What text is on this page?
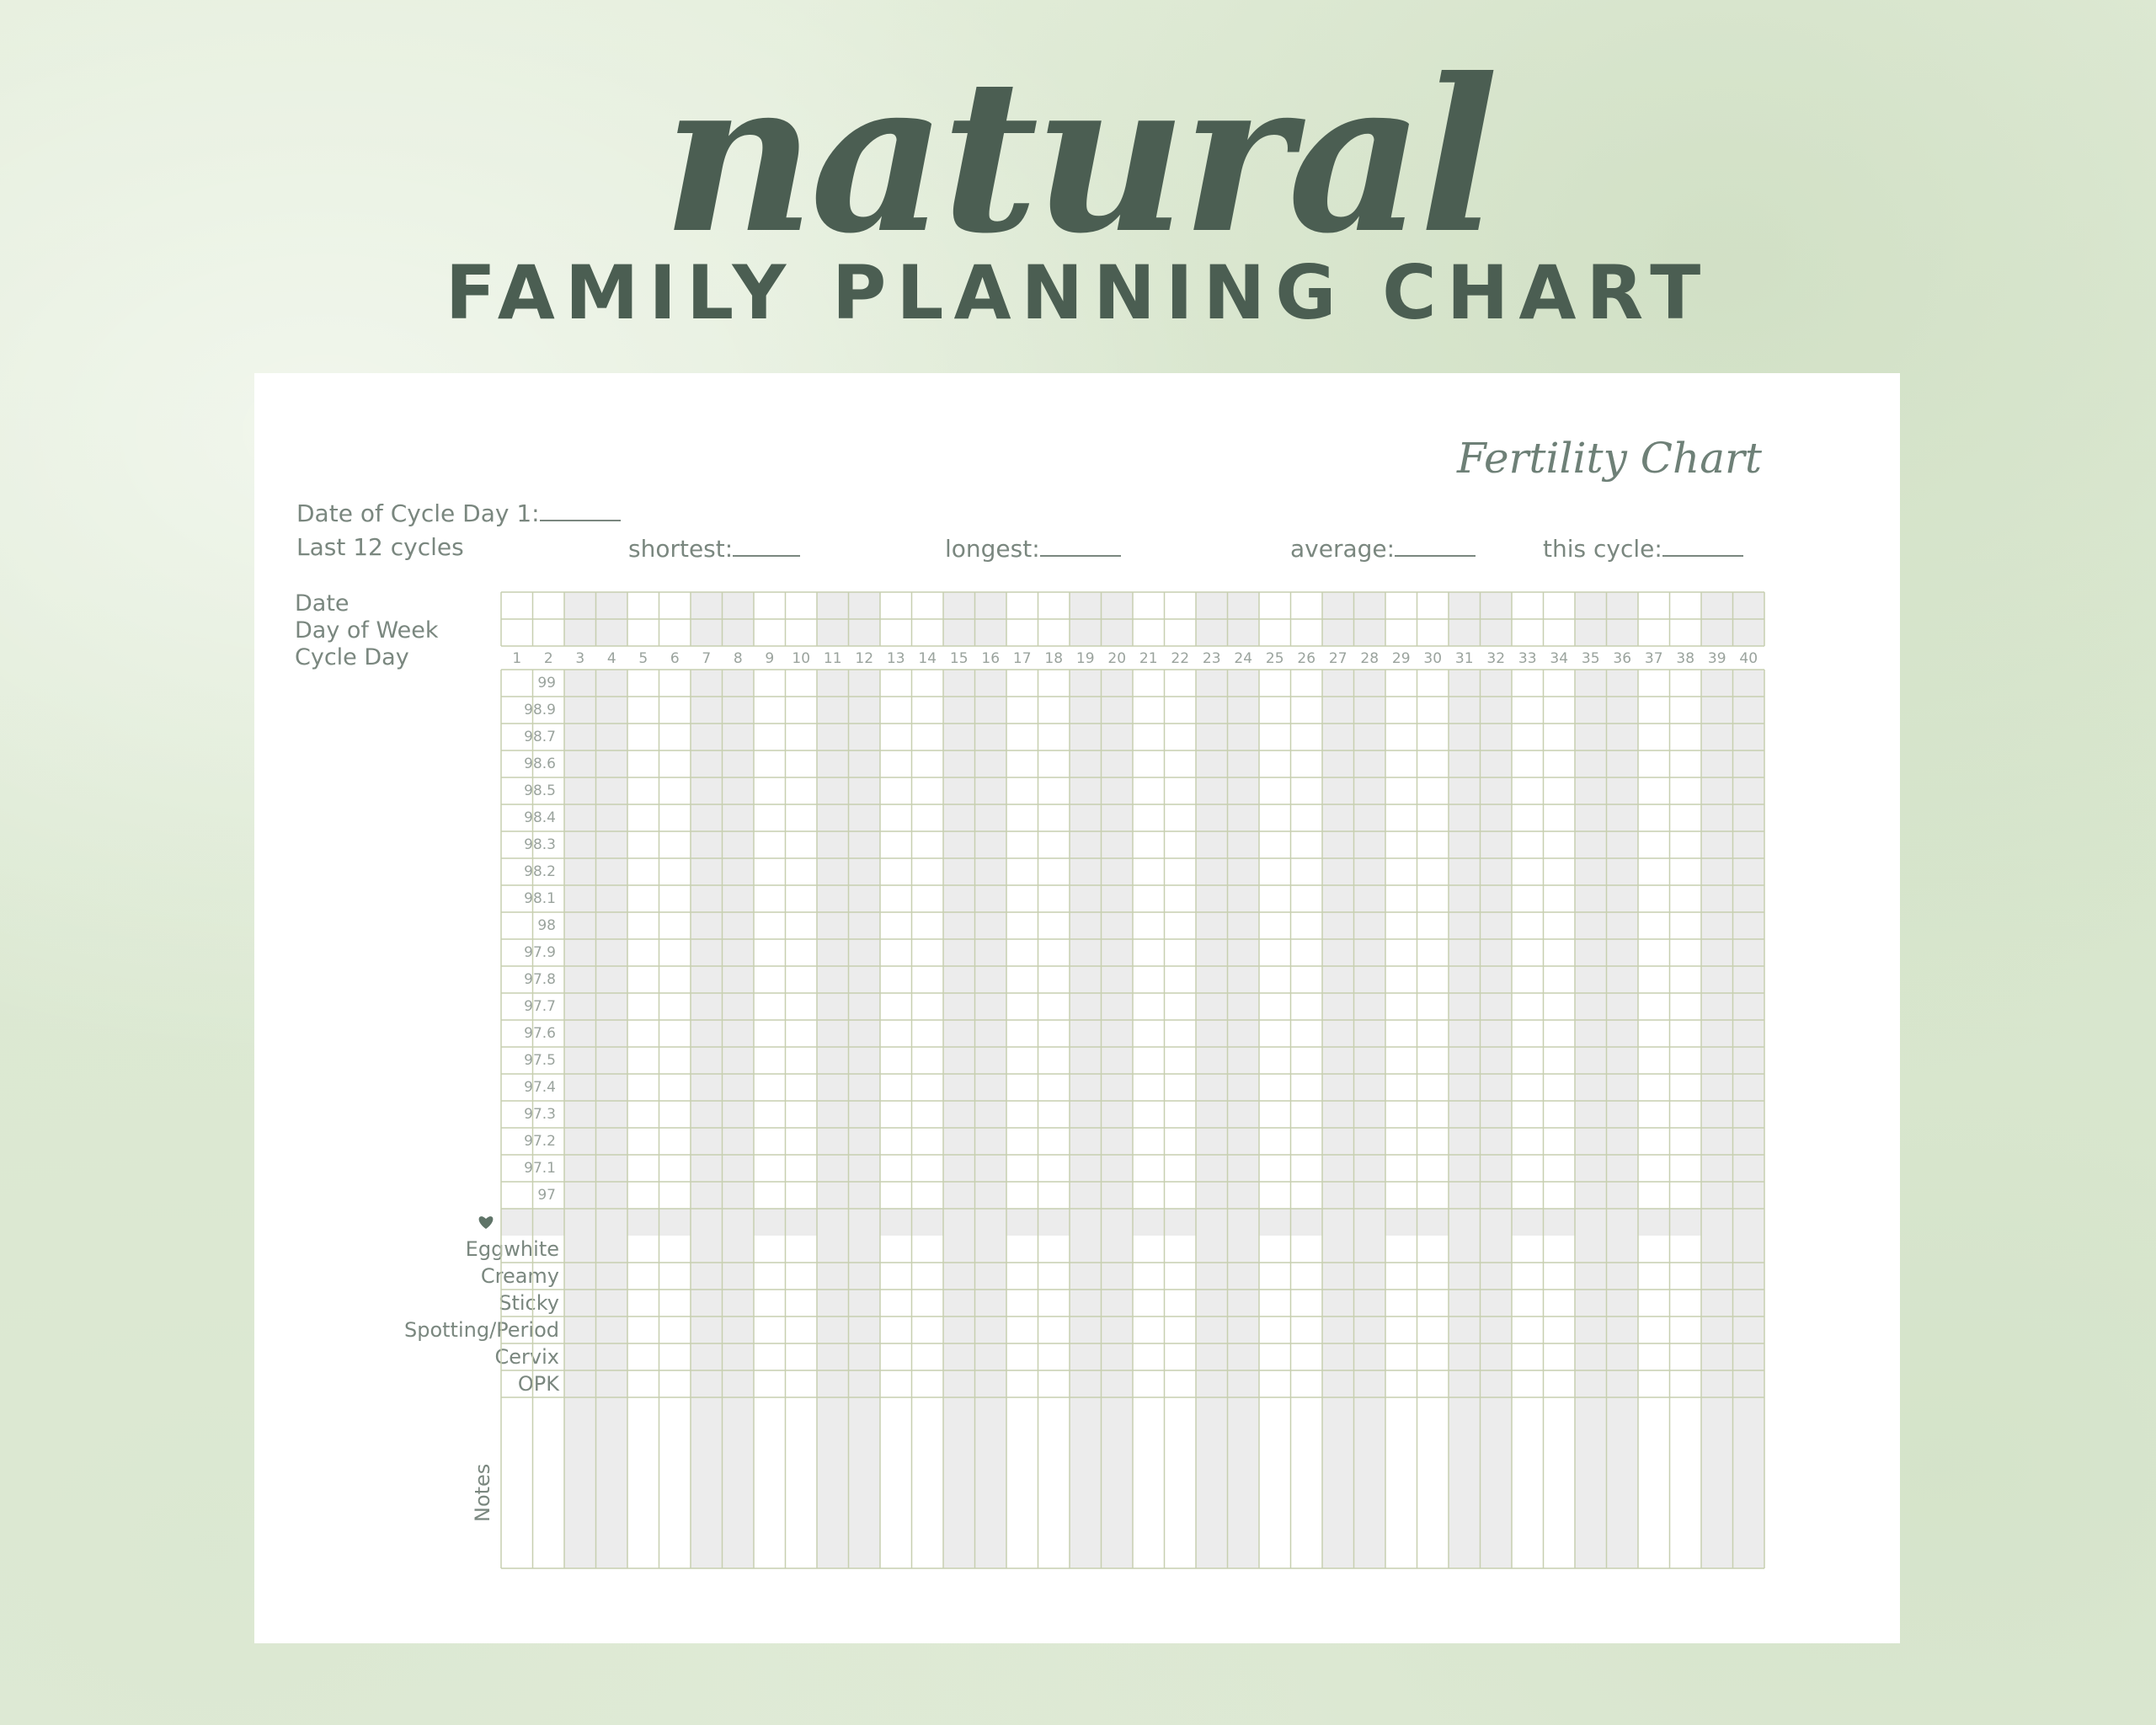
natural
FAMILY PLANNING CHART
Fertility Chart
Date of Cycle Day 1:
Last 12 cycles	shortest:	longest:	average:	this cycle:
Date
Day of Week
Cycle Day
99
98.9
98.7
98.6
98.5
98.4
98.3
98.2
98.1
98
97.9
97.8
97.7
97.6
97.5
97.4
97.3
97.2
97.1
97
Eggwhite
Creamy
Sticky
Spotting/Period
Cervix
OPK
Notes
1 2 3 4 5 6 7 8 9 10 11 12 13 14 15 16 17 18 19 20 21 22 23 24 25 26 27 28 29 30 31 32 33 34 35 36 37 38 39 40
